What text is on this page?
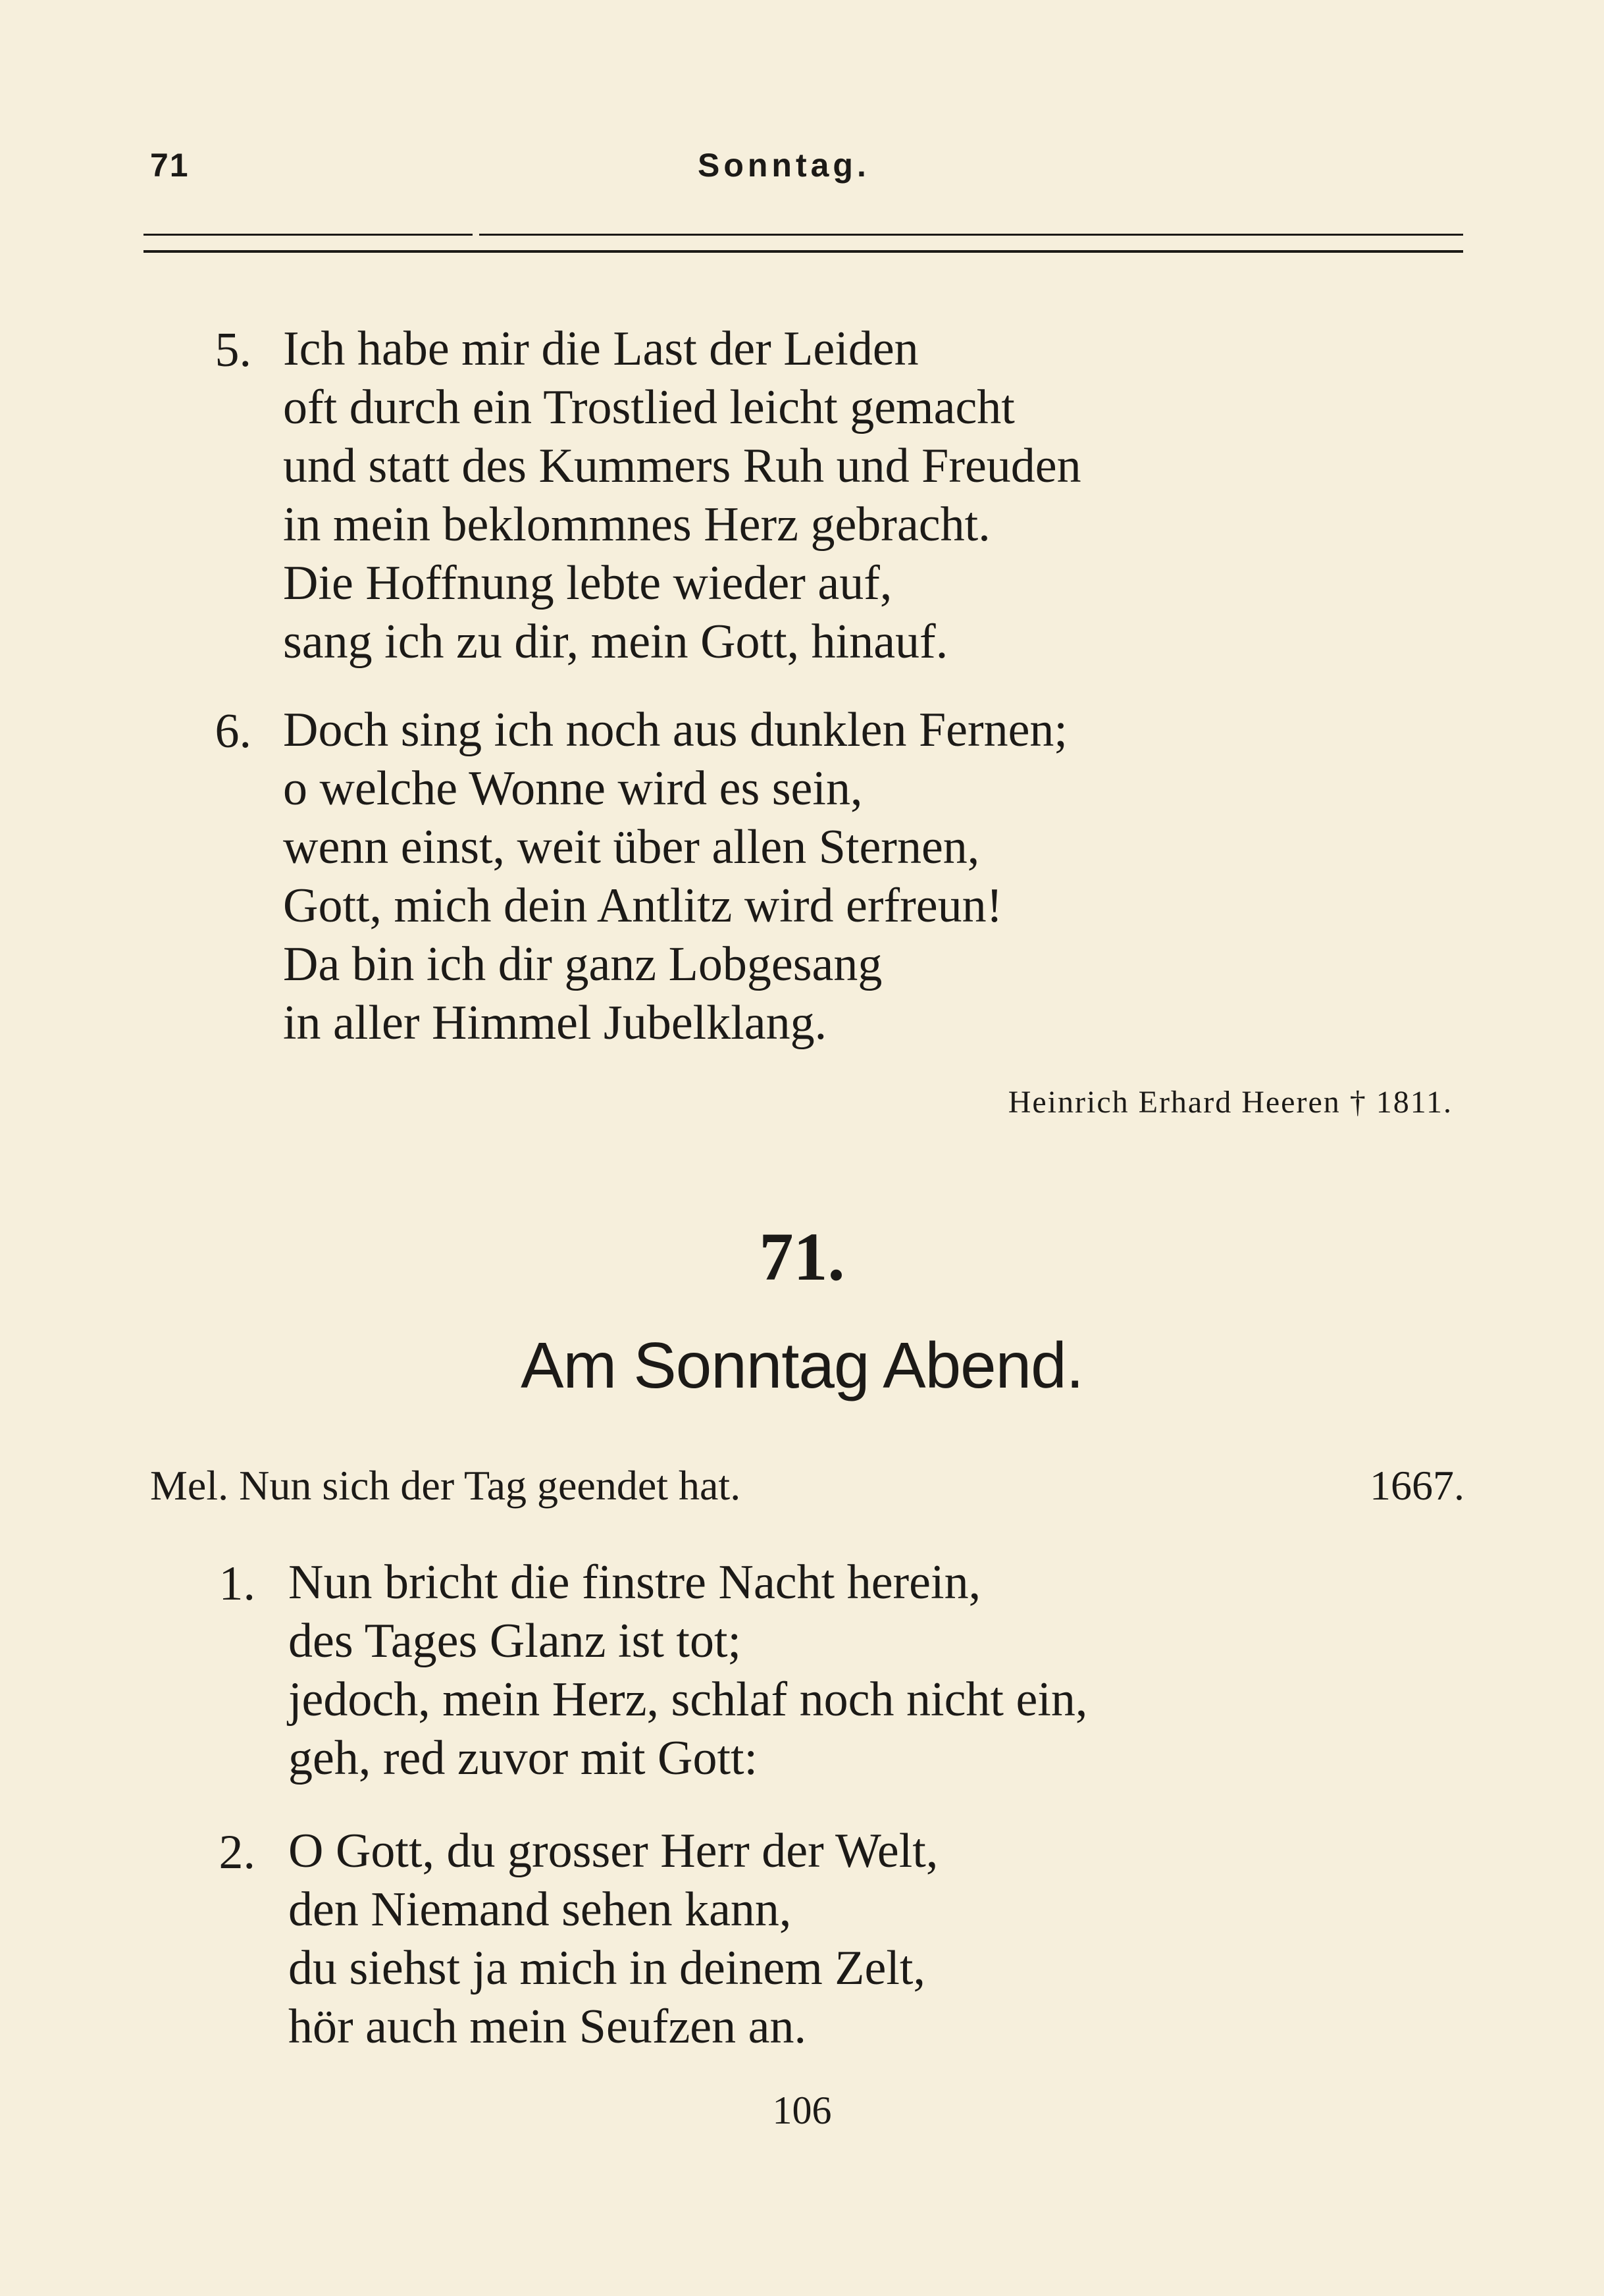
71	Sonntag.
5. Ich habe mir die Last der Leiden
oft durch ein Trostlied leicht gemacht
und statt des Kummers Ruh und Freuden
in mein beklommnes Herz gebracht.
Die Hoffnung lebte wieder auf,
sang ich zu dir, mein Gott, hinauf.
6. Doch sing ich noch aus dunklen Fernen;
o welche Wonne wird es sein,
wenn einst, weit über allen Sternen,
Gott, mich dein Antlitz wird erfreun!
Da bin ich dir ganz Lobgesang
in aller Himmel Jubelklang.
Heinrich Erhard Heeren † 1811.
71.
Am Sonntag Abend.
Mel. Nun sich der Tag geendet hat.	1667.
1. Nun bricht die finstre Nacht herein,
des Tages Glanz ist tot;
jedoch, mein Herz, schlaf noch nicht ein,
geh, red zuvor mit Gott:
2. O Gott, du grosser Herr der Welt,
den Niemand sehen kann,
du siehst ja mich in deinem Zelt,
hör auch mein Seufzen an.
106
